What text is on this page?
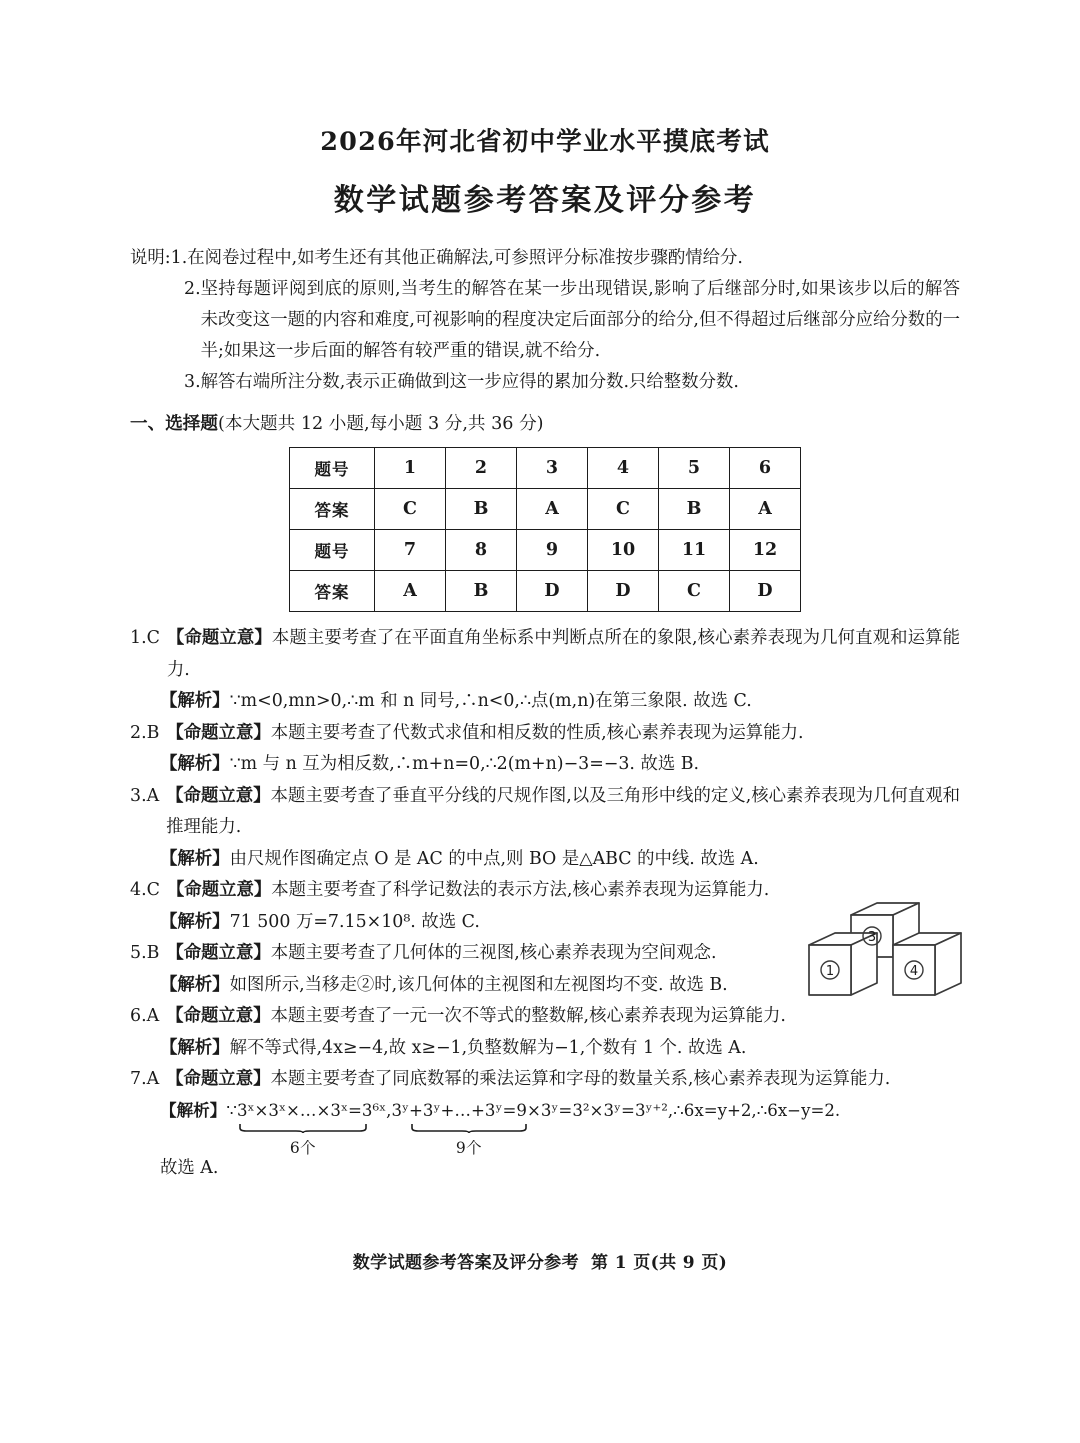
2026年河北省初中学业水平摸底考试
数学试题参考答案及评分参考
说明: 1. 在阅卷过程中,如考生还有其他正确解法,可参照评分标准按步骤酌情给分.
2. 坚持每题评阅到底的原则,当考生的解答在某一步出现错误,影响了后继部分时,如果该步以后的解答未改变这一题的内容和难度,可视影响的程度决定后面部分的给分,但不得超过后继部分应给分数的一半;如果这一步后面的解答有较严重的错误,就不给分.
3. 解答右端所注分数,表示正确做到这一步应得的累加分数.只给整数分数.
一、选择题(本大题共 12 小题,每小题 3 分,共 36 分)
题号	1	2	3	4	5	6
答案	C	B	A	C	B	A
题号	7	8	9	10	11	12
答案	A	B	D	D	C	D
1.C 【命题立意】本题主要考查了在平面直角坐标系中判断点所在的象限,核心素养表现为几何直观和运算能力.
【解析】∵m<0,mn>0,∴m 和 n 同号,∴n<0,∴点(m,n)在第三象限. 故选 C.
2.B 【命题立意】本题主要考查了代数式求值和相反数的性质,核心素养表现为运算能力.
【解析】∵m 与 n 互为相反数,∴m+n=0,∴2(m+n)−3=−3. 故选 B.
3.A 【命题立意】本题主要考查了垂直平分线的尺规作图,以及三角形中线的定义,核心素养表现为几何直观和推理能力.
【解析】由尺规作图确定点 O 是 AC 的中点,则 BO 是△ABC 的中线. 故选 A.
4.C 【命题立意】本题主要考查了科学记数法的表示方法,核心素养表现为运算能力.
【解析】71 500 万=7.15×10⁸. 故选 C.
5.B 【命题立意】本题主要考查了几何体的三视图,核心素养表现为空间观念.
【解析】如图所示,当移走②时,该几何体的主视图和左视图均不变. 故选 B.
6.A 【命题立意】本题主要考查了一元一次不等式的整数解,核心素养表现为运算能力.
【解析】解不等式得,4x≥−4,故 x≥−1,负整数解为−1,个数有 1 个. 故选 A.
7.A 【命题立意】本题主要考查了同底数幂的乘法运算和字母的数量关系,核心素养表现为运算能力.
【解析】∵3ˣ×3ˣ×…×3ˣ=3⁶ˣ,3ʸ+3ʸ+…+3ʸ=9×3ʸ=3²×3ʸ=3ʸ⁺²,∴6x=y+2,∴6x−y=2.
6个	9个
故选 A.
3
4
1
数学试题参考答案及评分参考 第 1 页(共 9 页)
